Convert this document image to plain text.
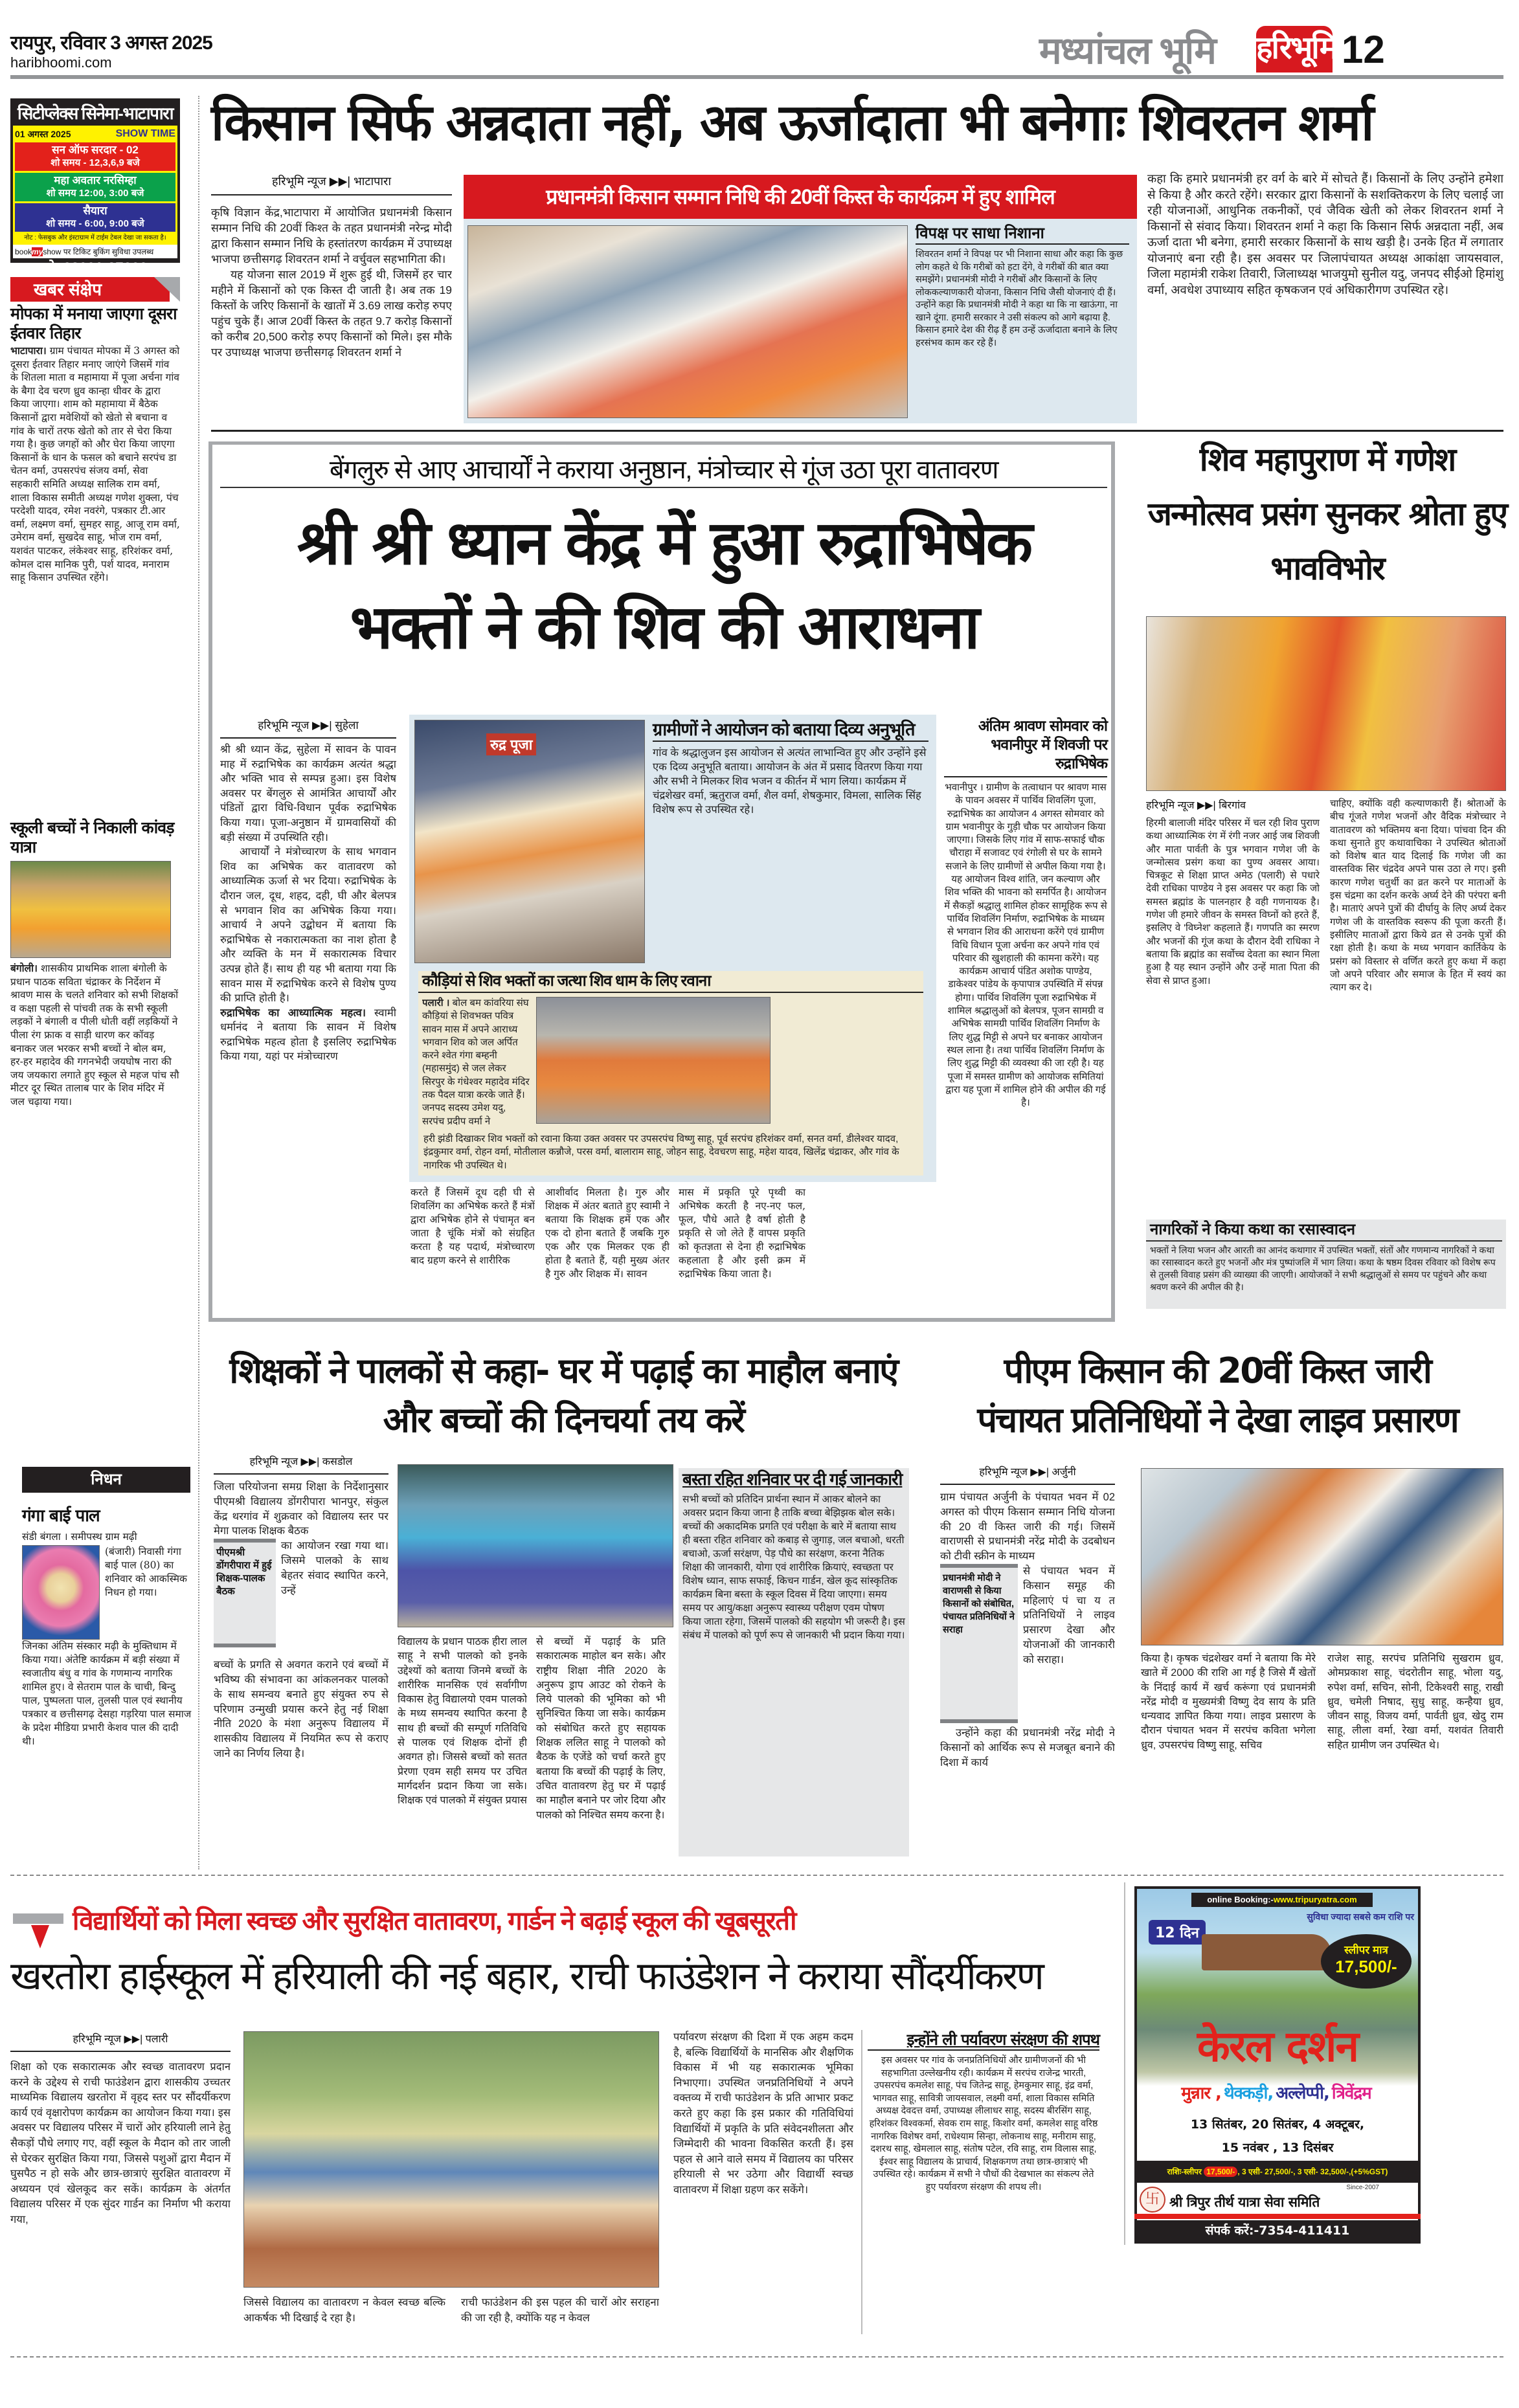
रायपुर, रविवार 3 अगस्त 2025
haribhoomi.com	मध्यांचल भूमि हरिभूमि 12
सिटीप्लेक्स सिनेमा-भाटापारा
01 अगस्त 2025	SHOW TIME
सन ऑफ सरदार - 02
शो समय - 12,3,6,9 बजे
महा अवतार नरसिम्हा
शो समय 12:00, 3:00 बजे
सैयारा
शो समय - 6:00, 9:00 बजे
नोट : फेसबुक और इंस्टाग्राम में टाईम टेबल देखा जा सकता है।
bookmyshow पर टिकिट बुकिंग सुविधा उपलब्ध
मो. 93001-27666
खबर संक्षेप
मोपका में मनाया जाएगा दूसरा ईतवार तिहार
भाटापारा। ग्राम पंचायत मोपका में 3 अगस्त को दूसरा ईतवार तिहार मनाए जाएंगे जिसमें गांव के शितला माता व महामाया में पूजा अर्चना गांव के बैगा देव चरण ध्रुव कान्हा धीवर के द्वारा किया जाएगा। शाम को महामाया में बैठेक किसानों द्वारा मवेशियों को खेतो से बचाना व गांव के चारों तरफ खेतो को तार से चेरा किया गया है। कुछ जगहों को और घेरा किया जाएगा किसानों के धान के फसल को बचाने सरपंच डा चेतन वर्मा, उपसरपंच संजय वर्मा, सेवा सहकारी समिति अध्यक्ष सालिक राम वर्मा, शाला विकास समीती अध्यक्ष गणेश शुक्ला, पंच परदेशी यादव, रमेश नवरंगे, पत्रकार टी.आर वर्मा, लक्ष्मण वर्मा, सुमहर साहू, आजू राम वर्मा, उमेराम वर्मा, सुखदेव साहू, भोज राम वर्मा, यशवंत पाटकर, लंकेश्वर साहू, हरिशंकर वर्मा, कोमल दास मानिक पुरी, पर्श यादव, मनाराम साहू किसान उपस्थित रहेंगे।
स्कूली बच्चों ने निकाली कांवड़ यात्रा
बंगोली। शासकीय प्राथमिक शाला बंगोली के प्रधान पाठक सविता चंद्राकर के निर्देशन में श्रावण मास के चलते शनिवार को सभी शिक्षकों व कक्षा पहली से पांचवी तक के सभी स्कूली लड़कों ने बंगाली व पीली धोती वहीं लड़कियों ने पीला रंग फ्राक व साड़ी धारण कर कॉवड़ बनाकर जल भरकर सभी बच्चों ने बोल बम, हर-हर महादेव की गगनभेदी जयघोष नारा की जय जयकारा लगाते हुए स्कूल से महज पांच सौ मीटर दूर स्थित तालाब पार के शिव मंदिर में जल चढ़ाया गया।
निधन
गंगा बाई पाल
संडी बंगला । समीपस्थ ग्राम मढ़ी
(बंजारी) निवासी गंगा बाई पाल (80) का शनिवार को आकस्मिक निधन हो गया।
जिनका अंतिम संस्कार मढ़ी के मुक्तिधाम में किया गया। अंतेष्टि कार्यक्रम में बड़ी संख्या में स्वजातीय बंधु व गांव के गणमान्य नागरिक शामिल हुए। वे सेतराम पाल के चाची, बिन्दु पाल, पुष्पलता पाल, तुलसी पाल एवं स्थानीय पत्रकार व छत्तीसगढ़ देसहा गड़रिया पाल समाज के प्रदेश मीडिया प्रभारी केशव पाल की दादी थी।
किसान सिर्फ अन्नदाता नहीं, अब ऊर्जादाता भी बनेगाः शिवरतन शर्मा
हरिभूमि न्यूज ▶▶| भाटापारा

कृषि विज्ञान केंद्र,भाटापारा में आयोजित प्रधानमंत्री किसान सम्मान निधि की 20वीं किश्त के तहत प्रधानमंत्री नरेन्द्र मोदी द्वारा किसान सम्मान निधि के हस्तांतरण कार्यक्रम में उपाध्यक्ष भाजपा छत्तीसगढ़ शिवरतन शर्मा ने वर्चुवल सहभागिता की।

यह योजना साल 2019 में शुरू हुई थी, जिसमें हर चार महीने में किसानों को एक किस्त दी जाती है। अब तक 19 किस्तों के जरिए किसानों के खातों में 3.69 लाख करोड़ रुपए पहुंच चुके हैं। आज 20वीं किस्त के तहत 9.7 करोड़ किसानों को करीब 20,500 करोड़ रुपए किसानों को मिले। इस मौके पर उपाध्यक्ष भाजपा छत्तीसगढ़ शिवरतन शर्मा ने

प्रधानमंत्री किसान सम्मान निधि की 20वीं किस्त के कार्यक्रम में हुए शामिल
विपक्ष पर साधा निशाना
शिवरतन शर्मा ने विपक्ष पर भी निशाना साधा और कहा कि कुछ लोग कहते थे कि गरीबों को हटा देंगे, वे गरीबों की बात क्या समझेंगे। प्रधानमंत्री मोदी ने गरीबों और किसानों के लिए लोककल्याणकारी योजना, किसान निधि जैसी योजनाएं दी हैं। उन्होंने कहा कि प्रधानमंत्री मोदी ने कहा था कि ना खाऊंगा, ना खाने दूंगा. हमारी सरकार ने उसी संकल्प को आगे बढ़ाया है. किसान हमारे देश की रीढ़ हैं हम उन्हें ऊर्जादाता बनाने के लिए हरसंभव काम कर रहे हैं।
कहा कि हमारे प्रधानमंत्री हर वर्ग के बारे में सोचते हैं। किसानों के लिए उन्होंने हमेशा से किया है और करते रहेंगे। सरकार द्वारा किसानों के सशक्तिकरण के लिए चलाई जा रही योजनाओं, आधुनिक तकनीकों, एवं जैविक खेती को लेकर शिवरतन शर्मा ने किसानों से संवाद किया। शिवरतन शर्मा ने कहा कि किसान सिर्फ अन्नदाता नहीं, अब ऊर्जा दाता भी बनेगा, हमारी सरकार किसानों के साथ खड़ी है। उनके हित में लगातार योजनाएं बना रही है। इस अवसर पर जिलापंचायत अध्यक्ष आकांक्षा जायसवाल, जिला महामंत्री राकेश तिवारी, जिलाध्यक्ष भाजयुमो सुनील यदु, जनपद सीईओ हिमांशु वर्मा, अवधेश उपाध्याय सहित कृषकजन एवं अधिकारीगण उपस्थित रहे।
बेंगलुरु से आए आचार्यों ने कराया अनुष्ठान, मंत्रोच्चार से गूंज उठा पूरा वातावरण
श्री श्री ध्यान केंद्र में हुआ रुद्राभिषेक
भक्तों ने की शिव की आराधना
हरिभूमि न्यूज ▶▶| सुहेला

श्री श्री ध्यान केंद्र, सुहेला में सावन के पावन माह में रुद्राभिषेक का कार्यक्रम अत्यंत श्रद्धा और भक्ति भाव से सम्पन्न हुआ। इस विशेष अवसर पर बेंगलुरु से आमंत्रित आचार्यों और पंडितों द्वारा विधि-विधान पूर्वक रुद्राभिषेक किया गया। पूजा-अनुष्ठान में ग्रामवासियों की बड़ी संख्या में उपस्थिति रही।

आचार्यों ने मंत्रोच्चारण के साथ भगवान शिव का अभिषेक कर वातावरण को आध्यात्मिक ऊर्जा से भर दिया। रुद्राभिषेक के दौरान जल, दूध, शहद, दही, घी और बेलपत्र से भगवान शिव का अभिषेक किया गया। आचार्य ने अपने उद्बोधन में बताया कि रुद्राभिषेक से नकारात्मकता का नाश होता है और व्यक्ति के मन में सकारात्मक विचार उत्पन्न होते हैं। साथ ही यह भी बताया गया कि सावन मास में रुद्राभिषेक करने से विशेष पुण्य की प्राप्ति होती है।

रुद्राभिषेक का आध्यात्मिक महत्व। स्वामी धर्मानंद ने बताया कि सावन में विशेष रुद्राभिषेक महत्व होता है इसलिए रुद्राभिषेक किया गया, यहां पर मंत्रोच्चारण

रुद्र पूजा
ग्रामीणों ने आयोजन को बताया दिव्य अनुभूति
गांव के श्रद्धालुजन इस आयोजन से अत्यंत लाभान्वित हुए और उन्होंने इसे एक दिव्य अनुभूति बताया। आयोजन के अंत में प्रसाद वितरण किया गया और सभी ने मिलकर शिव भजन व कीर्तन में भाग लिया। कार्यक्रम में चंद्रशेखर वर्मा, ऋतुराज वर्मा, शैल वर्मा, शेषकुमार, विमला, सालिक सिंह विशेष रूप से उपस्थित रहे।
कौड़ियां से शिव भक्तों का जत्था शिव धाम के लिए रवाना
पलारी । बोल बम कांवरिया संघ कौड़ियां से शिवभक्त पवित्र सावन मास में अपने आराध्य भगवान शिव को जल अर्पित करने श्वेत गंगा बम्हनी (महासमुंद) से जल लेकर सिरपुर के गंधेश्वर महादेव मंदिर तक पैदल यात्रा करके जाते हैं। जनपद सदस्य उमेश यदु, सरपंच प्रदीप वर्मा ने
हरी झंडी दिखाकर शिव भक्तों को रवाना किया उक्त अवसर पर उपसरपंच विष्णु साहू, पूर्व सरपंच हरिशंकर वर्मा, सनत वर्मा, डीलेश्वर यादव, इंद्रकुमार वर्मा, रोहन वर्मा, मोतीलाल कन्नौजे, परस वर्मा, बालाराम साहू, जोहन साहू, देवचरण साहू, महेश यादव, खिलेंद्र चंद्राकर, और गांव के नागरिक भी उपस्थित थे।
करते हैं जिसमें दूध दही घी से शिवलिंग का अभिषेक करते हैं मंत्रों द्वारा अभिषेक होने से पंचामृत बन जाता है चूंकि मंत्रों को संग्रहित करता है यह पदार्थ, मंत्रोच्चारण बाद ग्रहण करने से शारीरिक
आशीर्वाद मिलता है। गुरु और शिक्षक में अंतर बताते हुए स्वामी ने बताया कि शिक्षक हमें एक और एक दो होना बताते हैं जबकि गुरु एक और एक मिलकर एक ही होता है बताते हैं, यही मुख्य अंतर है गुरु और शिक्षक में। सावन
मास में प्रकृति पूरे पृथ्वी का अभिषेक करती है नए-नए फल, फूल, पौधे आते है वर्षा होती है प्रकृति से जो लेते हैं वापस प्रकृति को कृतज्ञता से देना ही रुद्राभिषेक कहलाता है और इसी क्रम में रुद्राभिषेक किया जाता है।
अंतिम श्रावण सोमवार को भवानीपुर में शिवजी पर रुद्राभिषेक
भवानीपुर । ग्रामीण के तत्वाधान पर श्रावण मास के पावन अवसर में पार्थिव शिवलिंग पूजा, रुद्राभिषेक का आयोजन 4 अगस्त सोमवार को ग्राम भवानीपुर के गुड़ी चौक पर आयोजन किया जाएगा। जिसके लिए गांव में साफ-सफाई चौक चौराहा में सजावट एवं रंगोली से घर के सामने सजाने के लिए ग्रामीणों से अपील किया गया है। यह आयोजन विश्व शांति, जन कल्याण और शिव भक्ति की भावना को समर्पित है। आयोजन में सैकड़ों श्रद्धालु शामिल होकर सामूहिक रूप से पार्थिव शिवलिंग निर्माण, रुद्राभिषेक के माध्यम से भगवान शिव की आराधना करेंगे एवं ग्रामीण विधि विधान पूजा अर्चना कर अपने गांव एवं परिवार की खुशहाली की कामना करेंगे। यह कार्यक्रम आचार्य पंडित अशोक पाण्डेय, डाकेश्वर पांडेय के कृपापात्र उपस्थिति में संपन्न होगा। पार्थिव शिवलिंग पूजा रुद्राभिषेक में शामिल श्रद्धालुओं को बेलपत्र, पूजन सामग्री व अभिषेक सामग्री पार्थिव शिवलिंग निर्माण के लिए शुद्ध मिट्टी से अपने घर बनाकर आयोजन स्थल लाना है। तथा पार्थिव शिवलिंग निर्माण के लिए शुद्ध मिट्टी की व्यवस्था की जा रही है। यह पूजा में समस्त ग्रामीण को आयोजक समितियां द्वारा यह पूजा में शामिल होने की अपील की गई है।
शिव महापुराण में गणेश जन्मोत्सव प्रसंग सुनकर श्रोता हुए भावविभोर
हरिभूमि न्यूज ▶▶| बिरगांव
हिरमी बालाजी मंदिर परिसर में चल रही शिव पुराण कथा आध्यात्मिक रंग में रंगी नजर आई जब शिवजी और माता पार्वती के पुत्र भगवान गणेश जी के जन्मोत्सव प्रसंग कथा का पुण्य अवसर आया। चित्रकूट से शिक्षा प्राप्त अमेठ (पलारी) से पधारे देवी राधिका पाण्डेय ने इस अवसर पर कहा कि जो समस्त ब्रह्मांड के पालनहार है वही गणनायक है। गणेश जी हमारे जीवन के समस्त विघ्नों को हरते हैं, इसलिए वे 'विघ्नेश' कहलाते हैं। गणपति का स्मरण और भजनों की गूंज कथा के दौरान देवी राधिका ने बताया कि ब्रह्मांड का सर्वोच्च देवता का स्थान मिला हुआ है यह स्थान उन्होंने और उन्हें माता पिता की सेवा से प्राप्त हुआ।
चाहिए, क्योंकि वही कल्याणकारी हैं। श्रोताओं के बीच गूंजते गणेश भजनों और वैदिक मंत्रोच्चार ने वातावरण को भक्तिमय बना दिया। पांचवा दिन की कथा सुनाते हुए कथावाचिका ने उपस्थित श्रोताओं को विशेष बात याद दिलाई कि गणेश जी का वास्तविक सिर चंद्रदेव अपने पास उठा ले गए। इसी कारण गणेश चतुर्थी का व्रत करने पर माताओं के इस चंद्रमा का दर्शन करके अर्घ्य देने की परंपरा बनी है। माताएं अपने पुत्रों की दीर्घायु के लिए अर्घ्य देकर गणेश जी के वास्तविक स्वरूप की पूजा करती हैं। इसीलिए माताओं द्वारा किये व्रत से उनके पुत्रों की रक्षा होती है। कथा के मध्य भगवान कार्तिकेय के प्रसंग को विस्तार से वर्णित करते हुए कथा में कहा जो अपने परिवार और समाज के हित में स्वयं का त्याग कर दे।
नागरिकों ने किया कथा का रसास्वादन
भक्तों ने लिया भजन और आरती का आनंद कथागार में उपस्थित भक्तों, संतों और गणमान्य नागरिकों ने कथा का रसास्वादन करते हुए भजनों और मंत्र पुष्पांजलि में भाग लिया। कथा के षष्ठम दिवस रविवार को विशेष रूप से तुलसी विवाह प्रसंग की व्याख्या की जाएगी। आयोजकों ने सभी श्रद्धालुओं से समय पर पहुंचने और कथा श्रवण करने की अपील की है।
शिक्षकों ने पालकों से कहा- घर में पढ़ाई का माहौल बनाएं और बच्चों की दिनचर्या तय करें
हरिभूमि न्यूज ▶▶| कसडोल
जिला परियोजना समग्र शिक्षा के निर्देशानुसार पीएमश्री विद्यालय डोंगरीपारा भानपुर, संकुल केंद्र थरगांव में शुक्रवार को विद्यालय स्तर पर मेगा पालक शिक्षक बैठक
पीएमश्री डोंगरीपारा में हुई शिक्षक-पालक बैठक
का आयोजन रखा गया था। जिसमे पालको के साथ बेहतर संवाद स्थापित करने, उन्हें
बच्चों के प्रगति से अवगत कराने एवं बच्चों में भविष्य की संभावना का आंकलनकर पालको के साथ समन्वय बनाते हुए संयुक्त रुप से परिणाम उन्मुखी प्रयास करने हेतु नई शिक्षा नीति 2020 के मंशा अनुरूप विद्यालय में शासकीय विद्यालय में नियमित रूप से कराए जाने का निर्णय लिया है।
विद्यालय के प्रधान पाठक हीरा लाल साहू ने सभी पालको को इनके उद्देश्यों को बताया जिनमे बच्चों के शारीरिक मानसिक एवं सर्वागीण विकास हेतु विद्यालयो एवम पालको के मध्य समन्वय स्थापित करना है साथ ही बच्चों की सम्पूर्ण गतिविधि से पालक एवं शिक्षक दोनों ही अवगत हो। जिससे बच्चों को सतत प्रेरणा एवम सही समय पर उचित मार्गदर्शन प्रदान किया जा सके। शिक्षक एवं पालको में संयुक्त प्रयास
से बच्चों में पढ़ाई के प्रति सकारात्मक माहोल बन सके। और राष्ट्रीय शिक्षा नीति 2020 के अनुरूप ड्राप आउट को रोकने के लिये पालको की भूमिका को भी सुनिश्चित किया जा सके। कार्यक्रम को संबोधित करते हुए सहायक शिक्षक ललित साहू ने पालको को बैठक के एजेंडे को चर्चा करते हुए बताया कि बच्चों की पढ़ाई के लिए, उचित वातावरण हेतु घर में पढ़ाई का माहौल बनाने पर जोर दिया और पालको को निश्चित समय करना है।
बस्ता रहित शनिवार पर दी गई जानकारी
सभी बच्चों को प्रतिदिन प्रार्थना स्थान में आकर बोलने का अवसर प्रदान किया जाना है ताकि बच्चा बेझिझक बोल सके। बच्चों की अकादमिक प्रगति एवं परीक्षा के बारे में बताया साथ ही बस्ता रहित शनिवार को कबाड़ से जुगाड़, जल बचाओ, धरती बचाओ, ऊर्जा सरंक्षण, पेड़ पौधे का सरंक्षण, करना नैतिक शिक्षा की जानकारी, योगा एवं शारीरिक क्रियाएं, स्वच्छता पर विशेष ध्यान, साफ सफाई, किचन गार्डन, खेल कूद सांस्कृतिक कार्यक्रम बिना बस्ता के स्कूल दिवस में दिया जाएगा। समय समय पर आयु/कक्षा अनुरूप स्वास्थ्य परीक्षण एवम पोषण किया जाता रहेगा, जिसमें पालको की सहयोग भी जरूरी है। इस संबंध में पालको को पूर्ण रूप से जानकारी भी प्रदान किया गया।
पीएम किसान की 20वीं किस्त जारी
पंचायत प्रतिनिधियों ने देखा लाइव प्रसारण
हरिभूमि न्यूज ▶▶| अर्जुनी
ग्राम पंचायत अर्जुनी के पंचायत भवन में 02 अगस्त को पीएम किसान सम्मान निधि योजना की 20 वी किस्त जारी की गई। जिसमें वाराणसी से प्रधानमंत्री नरेंद्र मोदी के उदबोधन को टीवी स्क्रीन के माध्यम
प्रधानमंत्री मोदी ने वाराणसी से किया किसानों को संबोधित, पंचायत प्रतिनिधियों ने सराहा
से पंचायत भवन में किसान समूह की महिलाएं पं चा य त प्रतिनिधियों ने लाइव प्रसारण देखा और योजनाओं की जानकारी को सराहा।
उन्होंने कहा की प्रधानमंत्री नरेंद्र मोदी ने किसानों को आर्थिक रूप से मजबूत बनाने की दिशा में कार्य
किया है। कृषक चंद्रशेखर वर्मा ने बताया कि मेरे खाते में 2000 की राशि आ गई है जिसे मैं खेतों के निंदाई कार्य में खर्च करूंगा एवं प्रधानमंत्री नरेंद्र मोदी व मुख्यमंत्री विष्णु देव साय के प्रति धन्यवाद ज्ञापित किया गया। लाइव प्रसारण के दौरान पंचायत भवन में सरपंच कविता भगेला ध्रुव, उपसरपंच विष्णु साहू, सचिव
राजेश साहू, सरपंच प्रतिनिधि सुखराम ध्रुव, ओमप्रकाश साहू, चंदरोतीन साहू, भोला यदु, रुपेश वर्मा, सचिन, सोनी, टिकेश्वरी साहू, राखी ध्रुव, चमेली निषाद, सुधु साहू, कन्हैया ध्रुव, जीवन साहू, विजय वर्मा, पार्वती ध्रुव, खेदु राम साहू, लीला वर्मा, रेखा वर्मा, यशवंत तिवारी सहित ग्रामीण जन उपस्थित थे।
विद्यार्थियों को मिला स्वच्छ और सुरक्षित वातावरण, गार्डन ने बढ़ाई स्कूल की खूबसूरती
खरतोरा हाईस्कूल में हरियाली की नई बहार, राची फाउंडेशन ने कराया सौंदर्यीकरण
हरिभूमि न्यूज ▶▶| पलारी
शिक्षा को एक सकारात्मक और स्वच्छ वातावरण प्रदान करने के उद्देश्य से राची फाउंडेशन द्वारा शासकीय उच्चतर माध्यमिक विद्यालय खरतोरा में वृहद स्तर पर सौंदर्यीकरण कार्य एवं वृक्षारोपण कार्यक्रम का आयोजन किया गया। इस अवसर पर विद्यालय परिसर में चारों ओर हरियाली लाने हेतु सैकड़ों पौधे लगाए गए, वहीं स्कूल के मैदान को तार जाली से घेरकर सुरक्षित किया गया, जिससे पशुओं द्वारा मैदान में घुसपैठ न हो सके और छात्र-छात्राएं सुरक्षित वातावरण में अध्ययन एवं खेलकूद कर सकें। कार्यक्रम के अंतर्गत विद्यालय परिसर में एक सुंदर गार्डन का निर्माण भी कराया गया,
जिससे विद्यालय का वातावरण न केवल स्वच्छ बल्कि आकर्षक भी दिखाई दे रहा है।
राची फाउंडेशन की इस पहल की चारों ओर सराहना की जा रही है, क्योंकि यह न केवल
पर्यावरण संरक्षण की दिशा में एक अहम कदम है, बल्कि विद्यार्थियों के मानसिक और शैक्षणिक विकास में भी यह सकारात्मक भूमिका निभाएगा। उपस्थित जनप्रतिनिधियों ने अपने वक्तव्य में राची फाउंडेशन के प्रति आभार प्रकट करते हुए कहा कि इस प्रकार की गतिविधियां विद्यार्थियों में प्रकृति के प्रति संवेदनशीलता और जिम्मेदारी की भावना विकसित करती हैं। इस पहल से आने वाले समय में विद्यालय का परिसर हरियाली से भर उठेगा और विद्यार्थी स्वच्छ वातावरण में शिक्षा ग्रहण कर सकेंगे।
इन्होंने ली पर्यावरण संरक्षण की शपथ
इस अवसर पर गांव के जनप्रतिनिधियों और ग्रामीणजनों की भी सहभागिता उल्लेखनीय रही। कार्यक्रम में सरपंच राजेन्द्र भारती, उपसरपंच कमलेश साहू, पंच जितेन्द्र साहू, हेमकुमार साहू, इंद्र वर्मा, भागवत साहू, सावित्री जायसवाल, लक्ष्मी वर्मा, शाला विकास समिति अध्यक्ष देवदत्त वर्मा, उपाध्यक्ष लीलाधर साहू, सदस्य बीरसिंग साहू, हरिशंकर विश्वकर्मा, सेवक राम साहू, किशोर वर्मा, कमलेश साहू वरिष्ठ नागरिक विशेषर वर्मा, राधेश्याम सिन्हा, लोकनाथ साहू, मनीराम साहू, दशरथ साहू, खेमलाल साहू, संतोष पटेल, रवि साहू, राम विलास साहू, ईश्वर साहू विद्यालय के प्राचार्य, शिक्षकगण तथा छात्र-छात्राएं भी उपस्थित रहे। कार्यक्रम में सभी ने पौधों की देखभाल का संकल्प लेते हुए पर्यावरण संरक्षण की शपथ ली।
online Booking:-www.tripuryatra.com
सुविधा ज्यादा सबसे कम राशि पर
12 दिन
स्लीपर मात्र
17,500/-
केरल दर्शन
मुन्नार , थेक्कड़ी, अल्लेप्पी, त्रिवेंद्रम
13 सितंबर, 20 सितंबर, 4 अक्टूबर,
15 नवंबर , 13 दिसंबर
राशिः-स्लीपर 17,500/- , 3 एसी- 27,500/-, 3 एसी- 32,500/-,(+5%GST)
卐
Since-2007
श्री त्रिपुर तीर्थ यात्रा सेवा समिति
संपर्क करें:-7354-411411
